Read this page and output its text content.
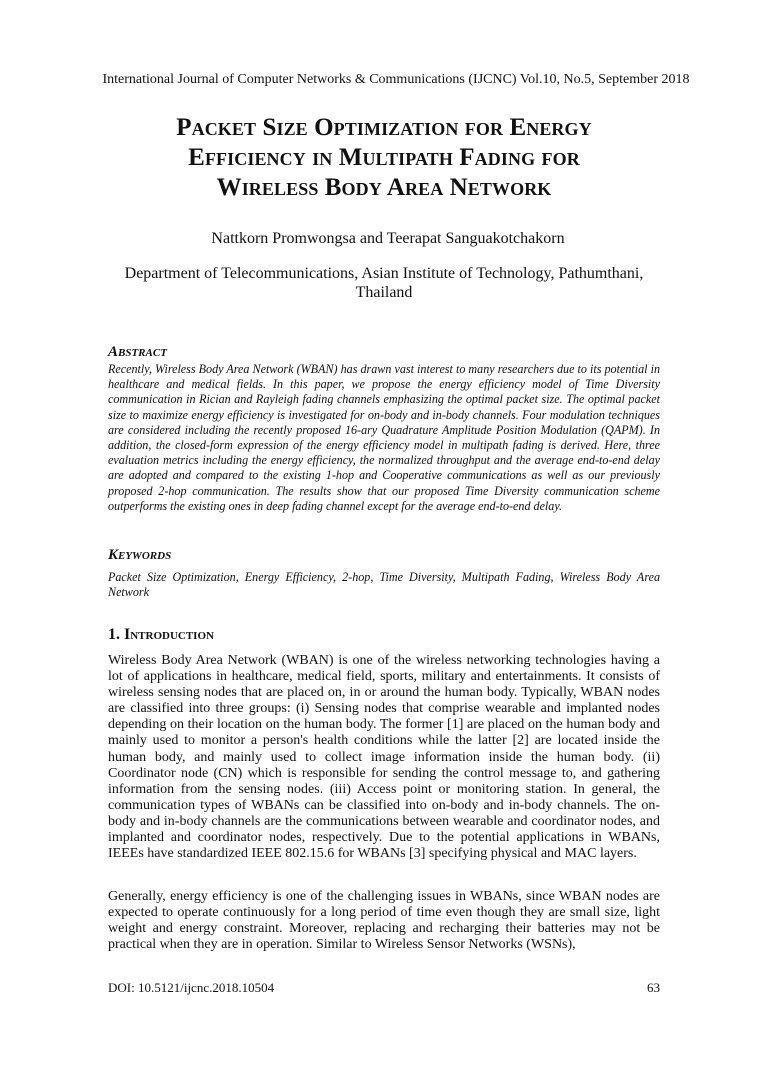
International Journal of Computer Networks & Communications (IJCNC) Vol.10, No.5, September 2018
Packet Size Optimization for Energy
Efficiency in Multipath Fading for
Wireless Body Area Network
Nattkorn Promwongsa and Teerapat Sanguakotchakorn
Department of Telecommunications, Asian Institute of Technology, Pathumthani, Thailand
Abstract
Recently, Wireless Body Area Network (WBAN) has drawn vast interest to many researchers due to its potential in healthcare and medical fields. In this paper, we propose the energy efficiency model of Time Diversity communication in Rician and Rayleigh fading channels emphasizing the optimal packet size. The optimal packet size to maximize energy efficiency is investigated for on-body and in-body channels. Four modulation techniques are considered including the recently proposed 16-ary Quadrature Amplitude Position Modulation (QAPM). In addition, the closed-form expression of the energy efficiency model in multipath fading is derived. Here, three evaluation metrics including the energy efficiency, the normalized throughput and the average end-to-end delay are adopted and compared to the existing 1-hop and Cooperative communications as well as our previously proposed 2-hop communication. The results show that our proposed Time Diversity communication scheme outperforms the existing ones in deep fading channel except for the average end-to-end delay.
Keywords
Packet Size Optimization, Energy Efficiency, 2-hop, Time Diversity, Multipath Fading, Wireless Body Area Network
1. Introduction
Wireless Body Area Network (WBAN) is one of the wireless networking technologies having a lot of applications in healthcare, medical field, sports, military and entertainments. It consists of wireless sensing nodes that are placed on, in or around the human body. Typically, WBAN nodes are classified into three groups: (i) Sensing nodes that comprise wearable and implanted nodes depending on their location on the human body. The former [1] are placed on the human body and mainly used to monitor a person's health conditions while the latter [2] are located inside the human body, and mainly used to collect image information inside the human body. (ii) Coordinator node (CN) which is responsible for sending the control message to, and gathering information from the sensing nodes. (iii) Access point or monitoring station. In general, the communication types of WBANs can be classified into on-body and in-body channels. The on-body and in-body channels are the communications between wearable and coordinator nodes, and implanted and coordinator nodes, respectively. Due to the potential applications in WBANs, IEEEs have standardized IEEE 802.15.6 for WBANs [3] specifying physical and MAC layers.
Generally, energy efficiency is one of the challenging issues in WBANs, since WBAN nodes are expected to operate continuously for a long period of time even though they are small size, light weight and energy constraint. Moreover, replacing and recharging their batteries may not be practical when they are in operation. Similar to Wireless Sensor Networks (WSNs),
DOI: 10.5121/ijcnc.2018.10504	63
